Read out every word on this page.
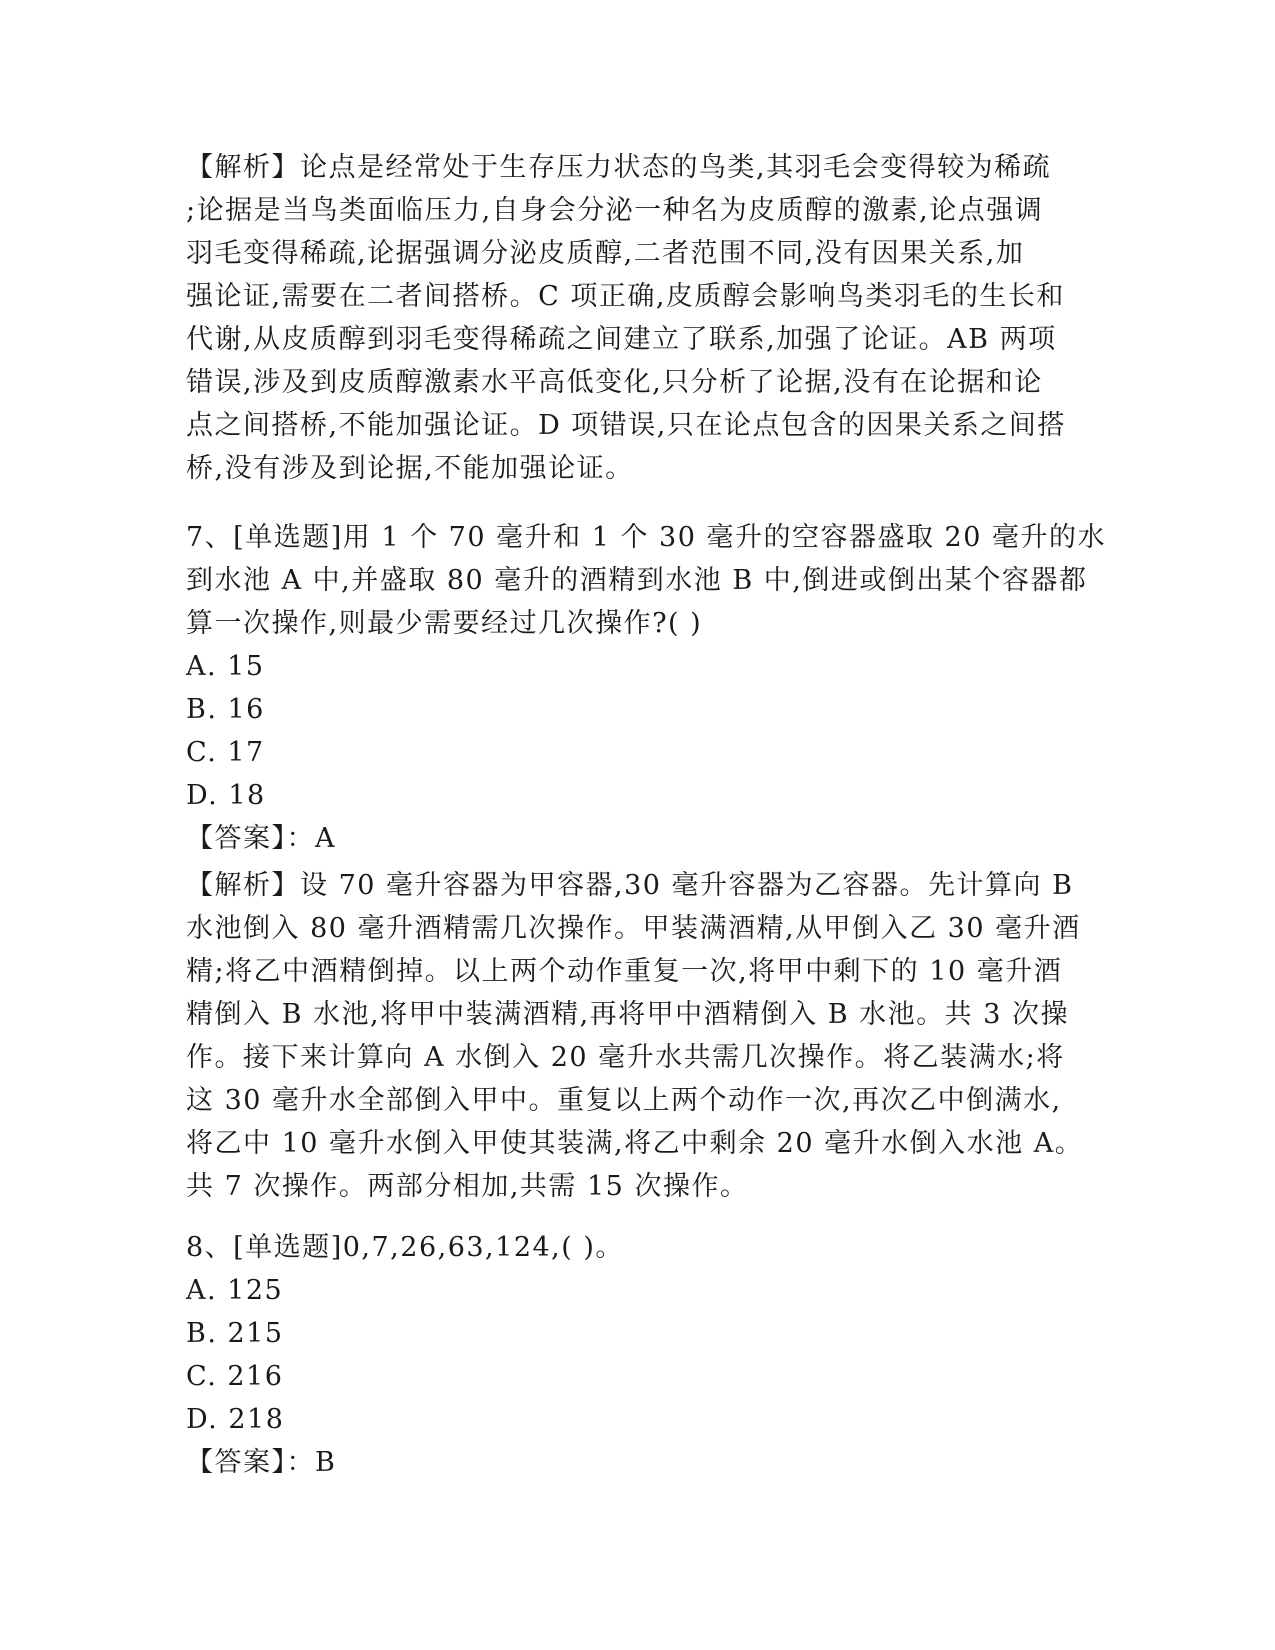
【解析】论点是经常处于生存压力状态的鸟类,其羽毛会变得较为稀疏
;论据是当鸟类面临压力,自身会分泌一种名为皮质醇的激素,论点强调
羽毛变得稀疏,论据强调分泌皮质醇,二者范围不同,没有因果关系,加
强论证,需要在二者间搭桥。C 项正确,皮质醇会影响鸟类羽毛的生长和
代谢,从皮质醇到羽毛变得稀疏之间建立了联系,加强了论证。AB 两项
错误,涉及到皮质醇激素水平高低变化,只分析了论据,没有在论据和论
点之间搭桥,不能加强论证。D 项错误,只在论点包含的因果关系之间搭
桥,没有涉及到论据,不能加强论证。
7、[单选题]用 1 个 70 毫升和 1 个 30 毫升的空容器盛取 20 毫升的水
到水池 A 中,并盛取 80 毫升的酒精到水池 B 中,倒进或倒出某个容器都
算一次操作,则最少需要经过几次操作?( )
A. 15
B. 16
C. 17
D. 18
【答案】：A
【解析】设 70 毫升容器为甲容器,30 毫升容器为乙容器。先计算向 B
水池倒入 80 毫升酒精需几次操作。甲装满酒精,从甲倒入乙 30 毫升酒
精;将乙中酒精倒掉。以上两个动作重复一次,将甲中剩下的 10 毫升酒
精倒入 B 水池,将甲中装满酒精,再将甲中酒精倒入 B 水池。共 3 次操
作。接下来计算向 A 水倒入 20 毫升水共需几次操作。将乙装满水;将
这 30 毫升水全部倒入甲中。重复以上两个动作一次,再次乙中倒满水,
将乙中 10 毫升水倒入甲使其装满,将乙中剩余 20 毫升水倒入水池 A。
共 7 次操作。两部分相加,共需 15 次操作。
8、[单选题]0,7,26,63,124,( )。
A. 125
B. 215
C. 216
D. 218
【答案】：B
